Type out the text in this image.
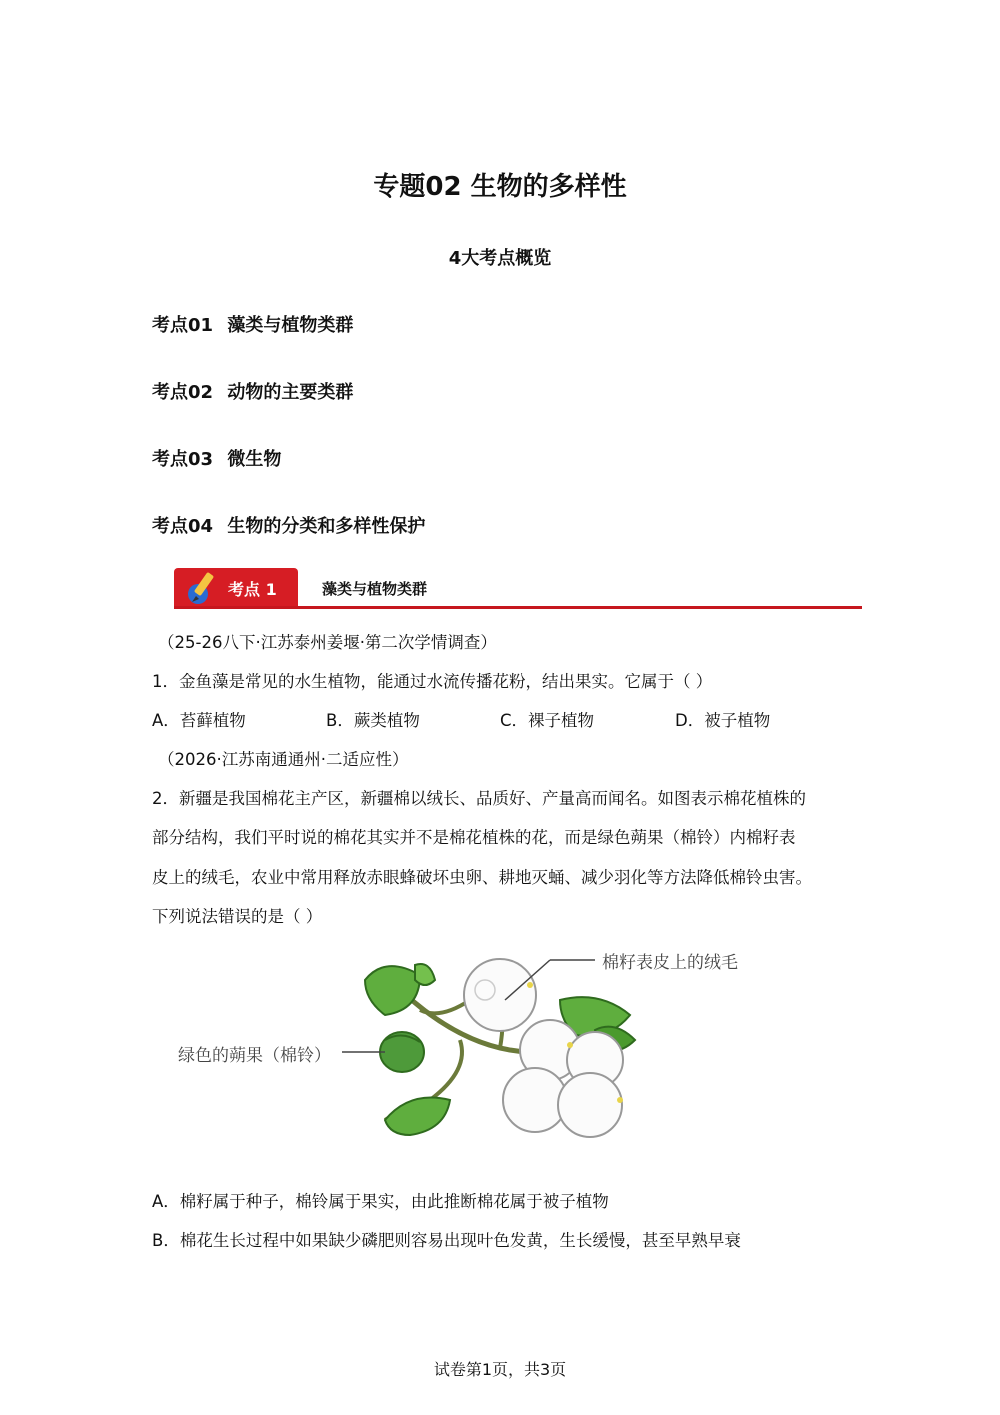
专题02 生物的多样性
4大考点概览
考点01 藻类与植物类群
考点02 动物的主要类群
考点03 微生物
考点04 生物的分类和多样性保护
考点 1	藻类与植物类群
（25-26八下·江苏泰州姜堰·第二次学情调查）
1．金鱼藻是常见的水生植物，能通过水流传播花粉，结出果实。它属于（ ）
A．苔藓植物	B．蕨类植物	C．裸子植物	D．被子植物
（2026·江苏南通通州·二适应性）
2．新疆是我国棉花主产区，新疆棉以绒长、品质好、产量高而闻名。如图表示棉花植株的
部分结构，我们平时说的棉花其实并不是棉花植株的花，而是绿色蒴果（棉铃）内棉籽表
皮上的绒毛，农业中常用释放赤眼蜂破坏虫卵、耕地灭蛹、减少羽化等方法降低棉铃虫害。
下列说法错误的是（ ）
棉籽表皮上的绒毛
绿色的蒴果（棉铃）
A．棉籽属于种子，棉铃属于果实，由此推断棉花属于被子植物
B．棉花生长过程中如果缺少磷肥则容易出现叶色发黄，生长缓慢，甚至早熟早衰
试卷第1页，共3页
